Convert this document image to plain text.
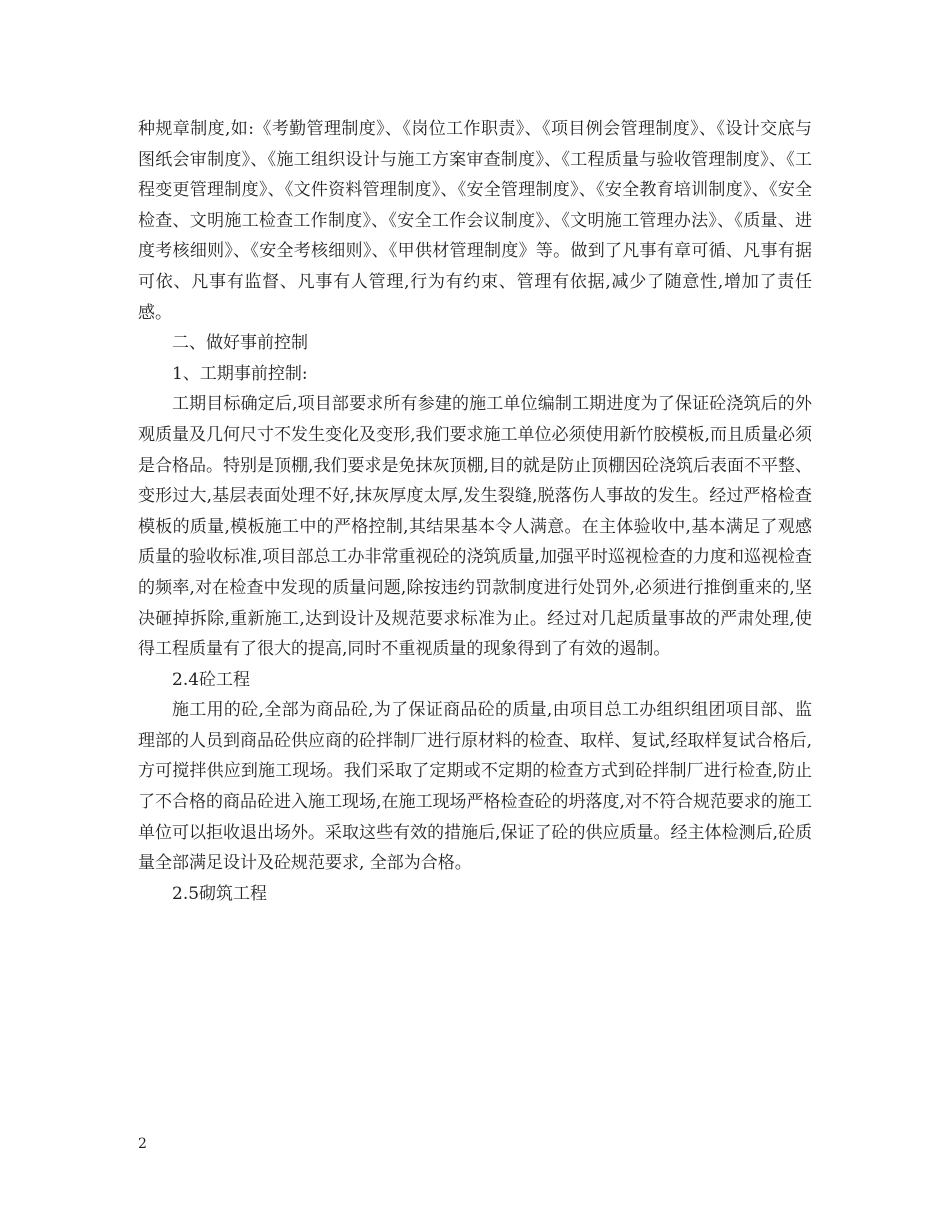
种规章制度,如:《考勤管理制度》、《岗位工作职责》、《项目例会管理制度》、《设计交底与图纸会审制度》、《施工组织设计与施工方案审查制度》、《工程质量与验收管理制度》、《工程变更管理制度》、《文件资料管理制度》、《安全管理制度》、《安全教育培训制度》、《安全检查、文明施工检查工作制度》、《安全工作会议制度》、《文明施工管理办法》、《质量、进度考核细则》、《安全考核细则》、《甲供材管理制度》等。做到了凡事有章可循、凡事有据可依、凡事有监督、凡事有人管理,行为有约束、管理有依据,减少了随意性,增加了责任感。

二、做好事前控制

1、工期事前控制:

工期目标确定后,项目部要求所有参建的施工单位编制工期进度为了保证砼浇筑后的外观质量及几何尺寸不发生变化及变形,我们要求施工单位必须使用新竹胶模板,而且质量必须是合格品。特别是顶棚,我们要求是免抹灰顶棚,目的就是防止顶棚因砼浇筑后表面不平整、变形过大,基层表面处理不好,抹灰厚度太厚,发生裂缝,脱落伤人事故的发生。经过严格检查模板的质量,模板施工中的严格控制,其结果基本令人满意。在主体验收中,基本满足了观感质量的验收标准,项目部总工办非常重视砼的浇筑质量,加强平时巡视检查的力度和巡视检查的频率,对在检查中发现的质量问题,除按违约罚款制度进行处罚外,必须进行推倒重来的,坚决砸掉拆除,重新施工,达到设计及规范要求标准为止。经过对几起质量事故的严肃处理,使得工程质量有了很大的提高,同时不重视质量的现象得到了有效的遏制。

2.4砼工程

施工用的砼,全部为商品砼,为了保证商品砼的质量,由项目总工办组织组团项目部、监理部的人员到商品砼供应商的砼拌制厂进行原材料的检查、取样、复试,经取样复试合格后,方可搅拌供应到施工现场。我们采取了定期或不定期的检查方式到砼拌制厂进行检查,防止了不合格的商品砼进入施工现场,在施工现场严格检查砼的坍落度,对不符合规范要求的施工单位可以拒收退出场外。采取这些有效的措施后,保证了砼的供应质量。经主体检测后,砼质量全部满足设计及砼规范要求, 全部为合格。

2.5砌筑工程

2
